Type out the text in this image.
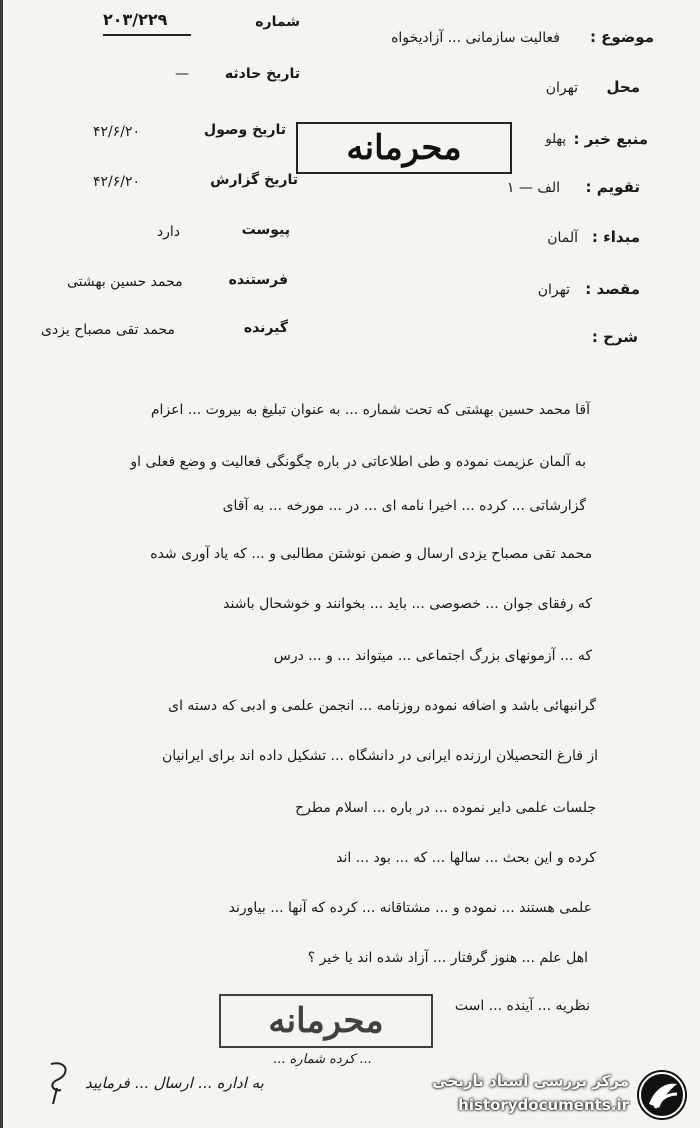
موضوع :
فعالیت سازمانی ... آزادیخواه
شماره
۲۰۳/۲۲۹
محل
تهران
تاریخ حادثه
—
منبع خبر :
پهلو
تاریخ وصول
۴۲/۶/۲۰	محرمانه
تقویم :
الف — ۱
تاریخ گزارش
۴۲/۶/۲۰
مبداء :
آلمان
پیوست
دارد
مقصد :
تهران
فرستنده
محمد حسین بهشتی
گیرنده
محمد تقی مصباح یزدی	شرح :
آقا محمد حسین بهشتی که تحت شماره ... به عنوان تبلیغ به بیروت ... اعزام
به آلمان عزیمت نموده و طی اطلاعاتی در باره چگونگی فعالیت و وضع فعلی او
گزارشاتی ... کرده ... اخیرا نامه ای ... در ... مورخه ... به آقای
محمد تقی مصباح یزدی ارسال و ضمن نوشتن مطالبی و ... که یاد آوری شده
که رفقای جوان ... خصوصی ... باید ... بخوانند و خوشحال باشند
که ... آزمونهای بزرگ اجتماعی ... میتواند ... و ... درس
گرانبهائی باشد و اضافه نموده روزنامه ... انجمن علمی و ادبی که دسته ای
از فارغ التحصیلان ارزنده ایرانی در دانشگاه ... تشکیل داده اند برای ایرانیان
جلسات علمی دایر نموده ... در باره ... اسلام مطرح
کرده و این بحث ... سالها ... که ... بود ... اند
علمی هستند ... نموده و ... مشتاقانه ... کرده که آنها ... بیاورند
اهل علم ... هنوز گرفتار ... آزاد شده اند یا خیر ؟
نظریه ... آینده ... است
محرمانه
... کرده شماره ...
به اداره ... ارسال ... فرمایید	مرکز بررسی اسناد تاریخی
historydocuments.ir
